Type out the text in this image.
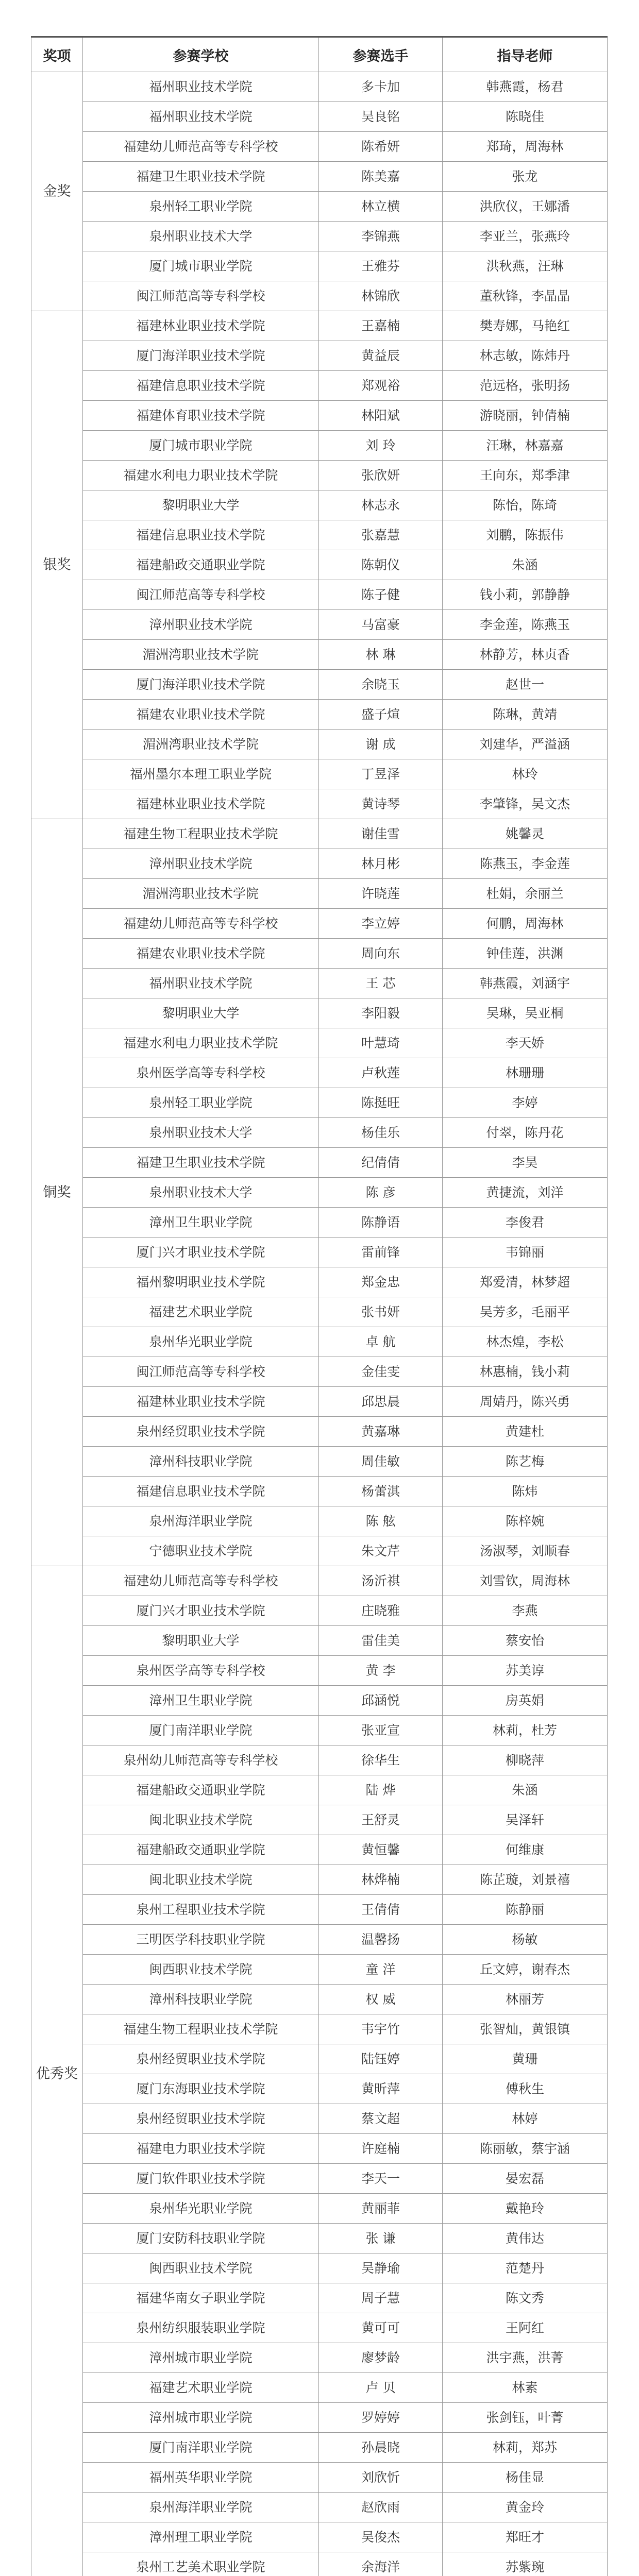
奖项	参赛学校	参赛选手	指导老师
金奖	福州职业技术学院	多卡加	韩燕霞，杨君
	福州职业技术学院	吴良铭	陈晓佳
	福建幼儿师范高等专科学校	陈希妍	郑琦，周海林
	福建卫生职业技术学院	陈美嘉	张龙
	泉州轻工职业学院	林立横	洪欣仪，王娜潘
	泉州职业技术大学	李锦燕	李亚兰，张燕玲
	厦门城市职业学院	王雅芬	洪秋燕，汪琳
	闽江师范高等专科学校	林锦欣	董秋锋，李晶晶
银奖	福建林业职业技术学院	王嘉楠	樊寿娜，马艳红
	厦门海洋职业技术学院	黄益辰	林志敏，陈炜丹
	福建信息职业技术学院	郑观裕	范远格，张明扬
	福建体育职业技术学院	林阳斌	游晓丽，钟倩楠
	厦门城市职业学院	刘 玲	汪琳，林嘉嘉
	福建水利电力职业技术学院	张欣妍	王向东，郑季津
	黎明职业大学	林志永	陈怡，陈琦
	福建信息职业技术学院	张嘉慧	刘鹏，陈振伟
	福建船政交通职业学院	陈朝仪	朱涵
	闽江师范高等专科学校	陈子健	钱小莉，郭静静
	漳州职业技术学院	马富豪	李金莲，陈燕玉
	湄洲湾职业技术学院	林 琳	林静芳，林贞香
	厦门海洋职业技术学院	余晓玉	赵世一
	福建农业职业技术学院	盛子煊	陈琳，黄靖
	湄洲湾职业技术学院	谢 成	刘建华，严溢涵
	福州墨尔本理工职业学院	丁昱泽	林玲
	福建林业职业技术学院	黄诗琴	李肇锋，吴文杰
铜奖	福建生物工程职业技术学院	谢佳雪	姚馨灵
	漳州职业技术学院	林月彬	陈燕玉，李金莲
	湄洲湾职业技术学院	许晓莲	杜娟，余丽兰
	福建幼儿师范高等专科学校	李立婷	何鹏，周海林
	福建农业职业技术学院	周向东	钟佳莲，洪渊
	福州职业技术学院	王 芯	韩燕霞，刘涵宇
	黎明职业大学	李阳毅	吴琳，吴亚桐
	福建水利电力职业技术学院	叶慧琦	李天娇
	泉州医学高等专科学校	卢秋莲	林珊珊
	泉州轻工职业学院	陈挺旺	李婷
	泉州职业技术大学	杨佳乐	付翠，陈丹花
	福建卫生职业技术学院	纪倩倩	李昊
	泉州职业技术大学	陈 彦	黄捷流，刘洋
	漳州卫生职业学院	陈静语	李俊君
	厦门兴才职业技术学院	雷前锋	韦锦丽
	福州黎明职业技术学院	郑金忠	郑爱清，林梦超
	福建艺术职业学院	张书妍	吴芳多，毛丽平
	泉州华光职业学院	卓 航	林杰煌，李松
	闽江师范高等专科学校	金佳雯	林惠楠，钱小莉
	福建林业职业技术学院	邱思晨	周婧丹，陈兴勇
	泉州经贸职业技术学院	黄嘉琳	黄建杜
	漳州科技职业学院	周佳敏	陈艺梅
	福建信息职业技术学院	杨蕾淇	陈炜
	泉州海洋职业学院	陈 舷	陈梓婉
	宁德职业技术学院	朱文芹	汤淑琴，刘顺春
优秀奖	福建幼儿师范高等专科学校	汤沂祺	刘雪钦，周海林
	厦门兴才职业技术学院	庄晓雅	李燕
	黎明职业大学	雷佳美	蔡安怡
	泉州医学高等专科学校	黄 李	苏美谆
	漳州卫生职业学院	邱涵悦	房英娟
	厦门南洋职业学院	张亚宣	林莉，杜芳
	泉州幼儿师范高等专科学校	徐华生	柳晓萍
	福建船政交通职业学院	陆 烨	朱涵
	闽北职业技术学院	王舒灵	吴泽轩
	福建船政交通职业学院	黄恒馨	何维康
	闽北职业技术学院	林烨楠	陈芷璇，刘景禧
	泉州工程职业技术学院	王倩倩	陈静丽
	三明医学科技职业学院	温馨扬	杨敏
	闽西职业技术学院	童 洋	丘文婷，谢春杰
	漳州科技职业学院	权 威	林丽芳
	福建生物工程职业技术学院	韦宇竹	张智灿，黄银镇
	泉州经贸职业技术学院	陆钰婷	黄珊
	厦门东海职业技术学院	黄昕萍	傅秋生
	泉州经贸职业技术学院	蔡文超	林婷
	福建电力职业技术学院	许庭楠	陈丽敏，蔡宇涵
	厦门软件职业技术学院	李天一	晏宏磊
	泉州华光职业学院	黄丽菲	戴艳玲
	厦门安防科技职业学院	张 谦	黄伟达
	闽西职业技术学院	吴静瑜	范楚丹
	福建华南女子职业学院	周子慧	陈文秀
	泉州纺织服装职业学院	黄可可	王阿红
	漳州城市职业学院	廖梦龄	洪宇燕，洪菁
	福建艺术职业学院	卢 贝	林素
	漳州城市职业学院	罗婷婷	张剑钰，叶菁
	厦门南洋职业学院	孙晨晓	林莉，郑苏
	福州英华职业学院	刘欣忻	杨佳显
	泉州海洋职业学院	赵欣雨	黄金玲
	漳州理工职业学院	吴俊杰	郑旺才
	泉州工艺美术职业学院	余海洋	苏紫琬
